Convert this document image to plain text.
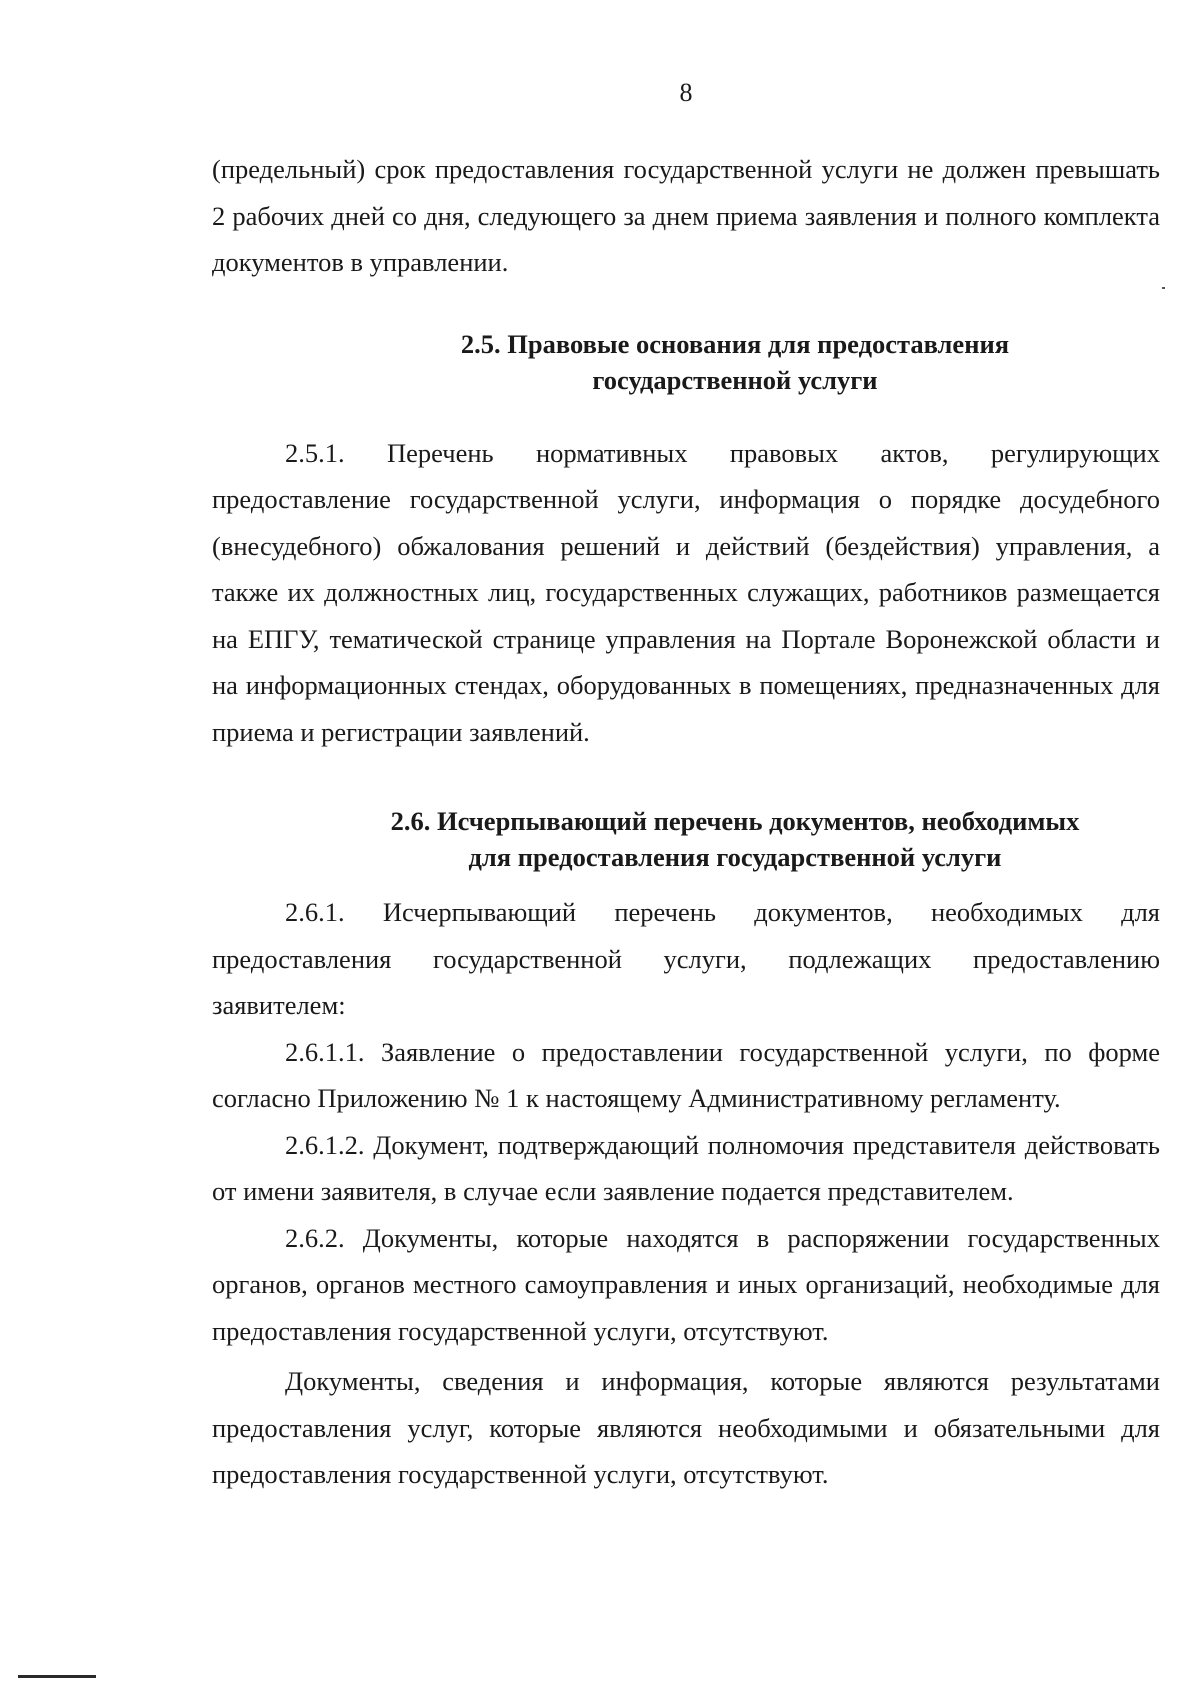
8

(предельный) срок предоставления государственной услуги не должен превышать 2 рабочих дней со дня, следующего за днем приема заявления и полного комплекта документов в управлении.

2.5. Правовые основания для предоставления
государственной услуги

2.5.1. Перечень нормативных правовых актов, регулирующих предоставление государственной услуги, информация о порядке досудебного (внесудебного) обжалования решений и действий (бездействия) управления, а также их должностных лиц, государственных служащих, работников размещается на ЕПГУ, тематической странице управления на Портале Воронежской области и на информационных стендах, оборудованных в помещениях, предназначенных для приема и регистрации заявлений.

2.6. Исчерпывающий перечень документов, необходимых
для предоставления государственной услуги

2.6.1. Исчерпывающий перечень документов, необходимых для предоставления государственной услуги, подлежащих предоставлению заявителем:

2.6.1.1. Заявление о предоставлении государственной услуги, по форме согласно Приложению № 1 к настоящему Административному регламенту.

2.6.1.2. Документ, подтверждающий полномочия представителя действовать от имени заявителя, в случае если заявление подается представителем.

2.6.2. Документы, которые находятся в распоряжении государственных органов, органов местного самоуправления и иных организаций, необходимые для предоставления государственной услуги, отсутствуют.

Документы, сведения и информация, которые являются результатами предоставления услуг, которые являются необходимыми и обязательными для предоставления государственной услуги, отсутствуют.
